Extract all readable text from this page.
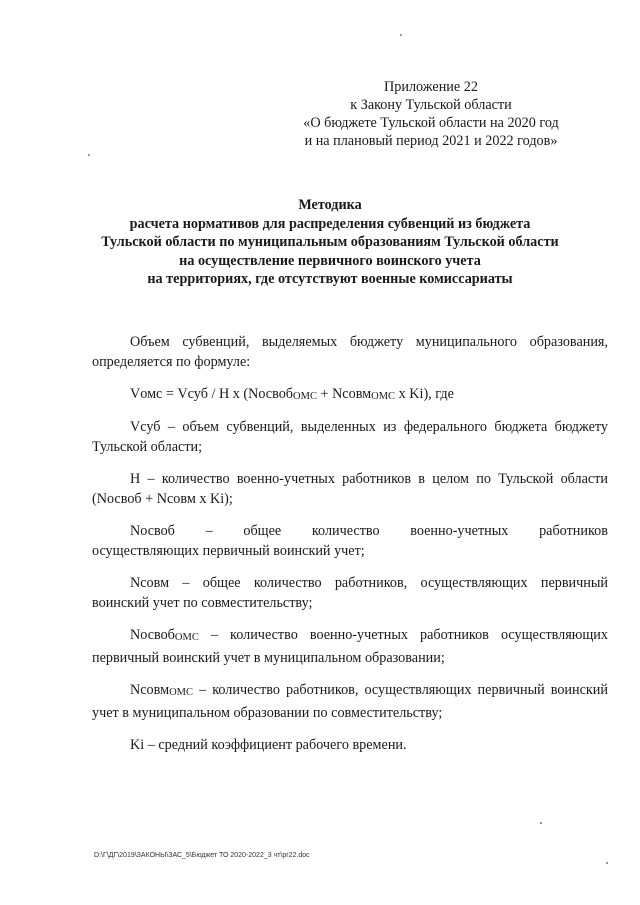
Приложение 22
к Закону Тульской области
«О бюджете Тульской области на 2020 год
и на плановый период 2021 и 2022 годов»
Методика
расчета нормативов для распределения субвенций из бюджета
Тульской области по муниципальным образованиям Тульской области
на осуществление первичного воинского учета
на территориях, где отсутствуют военные комиссариаты

Объем субвенций, выделяемых бюджету муниципального образования, определяется по формуле:

Vомс = Vсуб / Н х (NосвобОМС + NсовмОМС х Ki), где

Vсуб – объем субвенций, выделенных из федерального бюджета бюджету Тульской области;

Н – количество военно-учетных работников в целом по Тульской области (Nосвоб + Nсовм х Ki);

Nосвоб – общее количество военно-учетных работников
осуществляющих первичный воинский учет;

Nсовм – общее количество работников, осуществляющих первичный воинский учет по совместительству;

NосвобОМС – количество военно-учетных работников осуществляющих первичный воинский учет в муниципальном образовании;

NсовмОМС – количество работников, осуществляющих первичный воинский учет в муниципальном образовании по совместительству;

Ki – средний коэффициент рабочего времени.

D:\Г\ДГ\2019\ЗАКОНЫ\ЗАС_5\Бюджет ТО 2020-2022_3 чт\pr22.doc
